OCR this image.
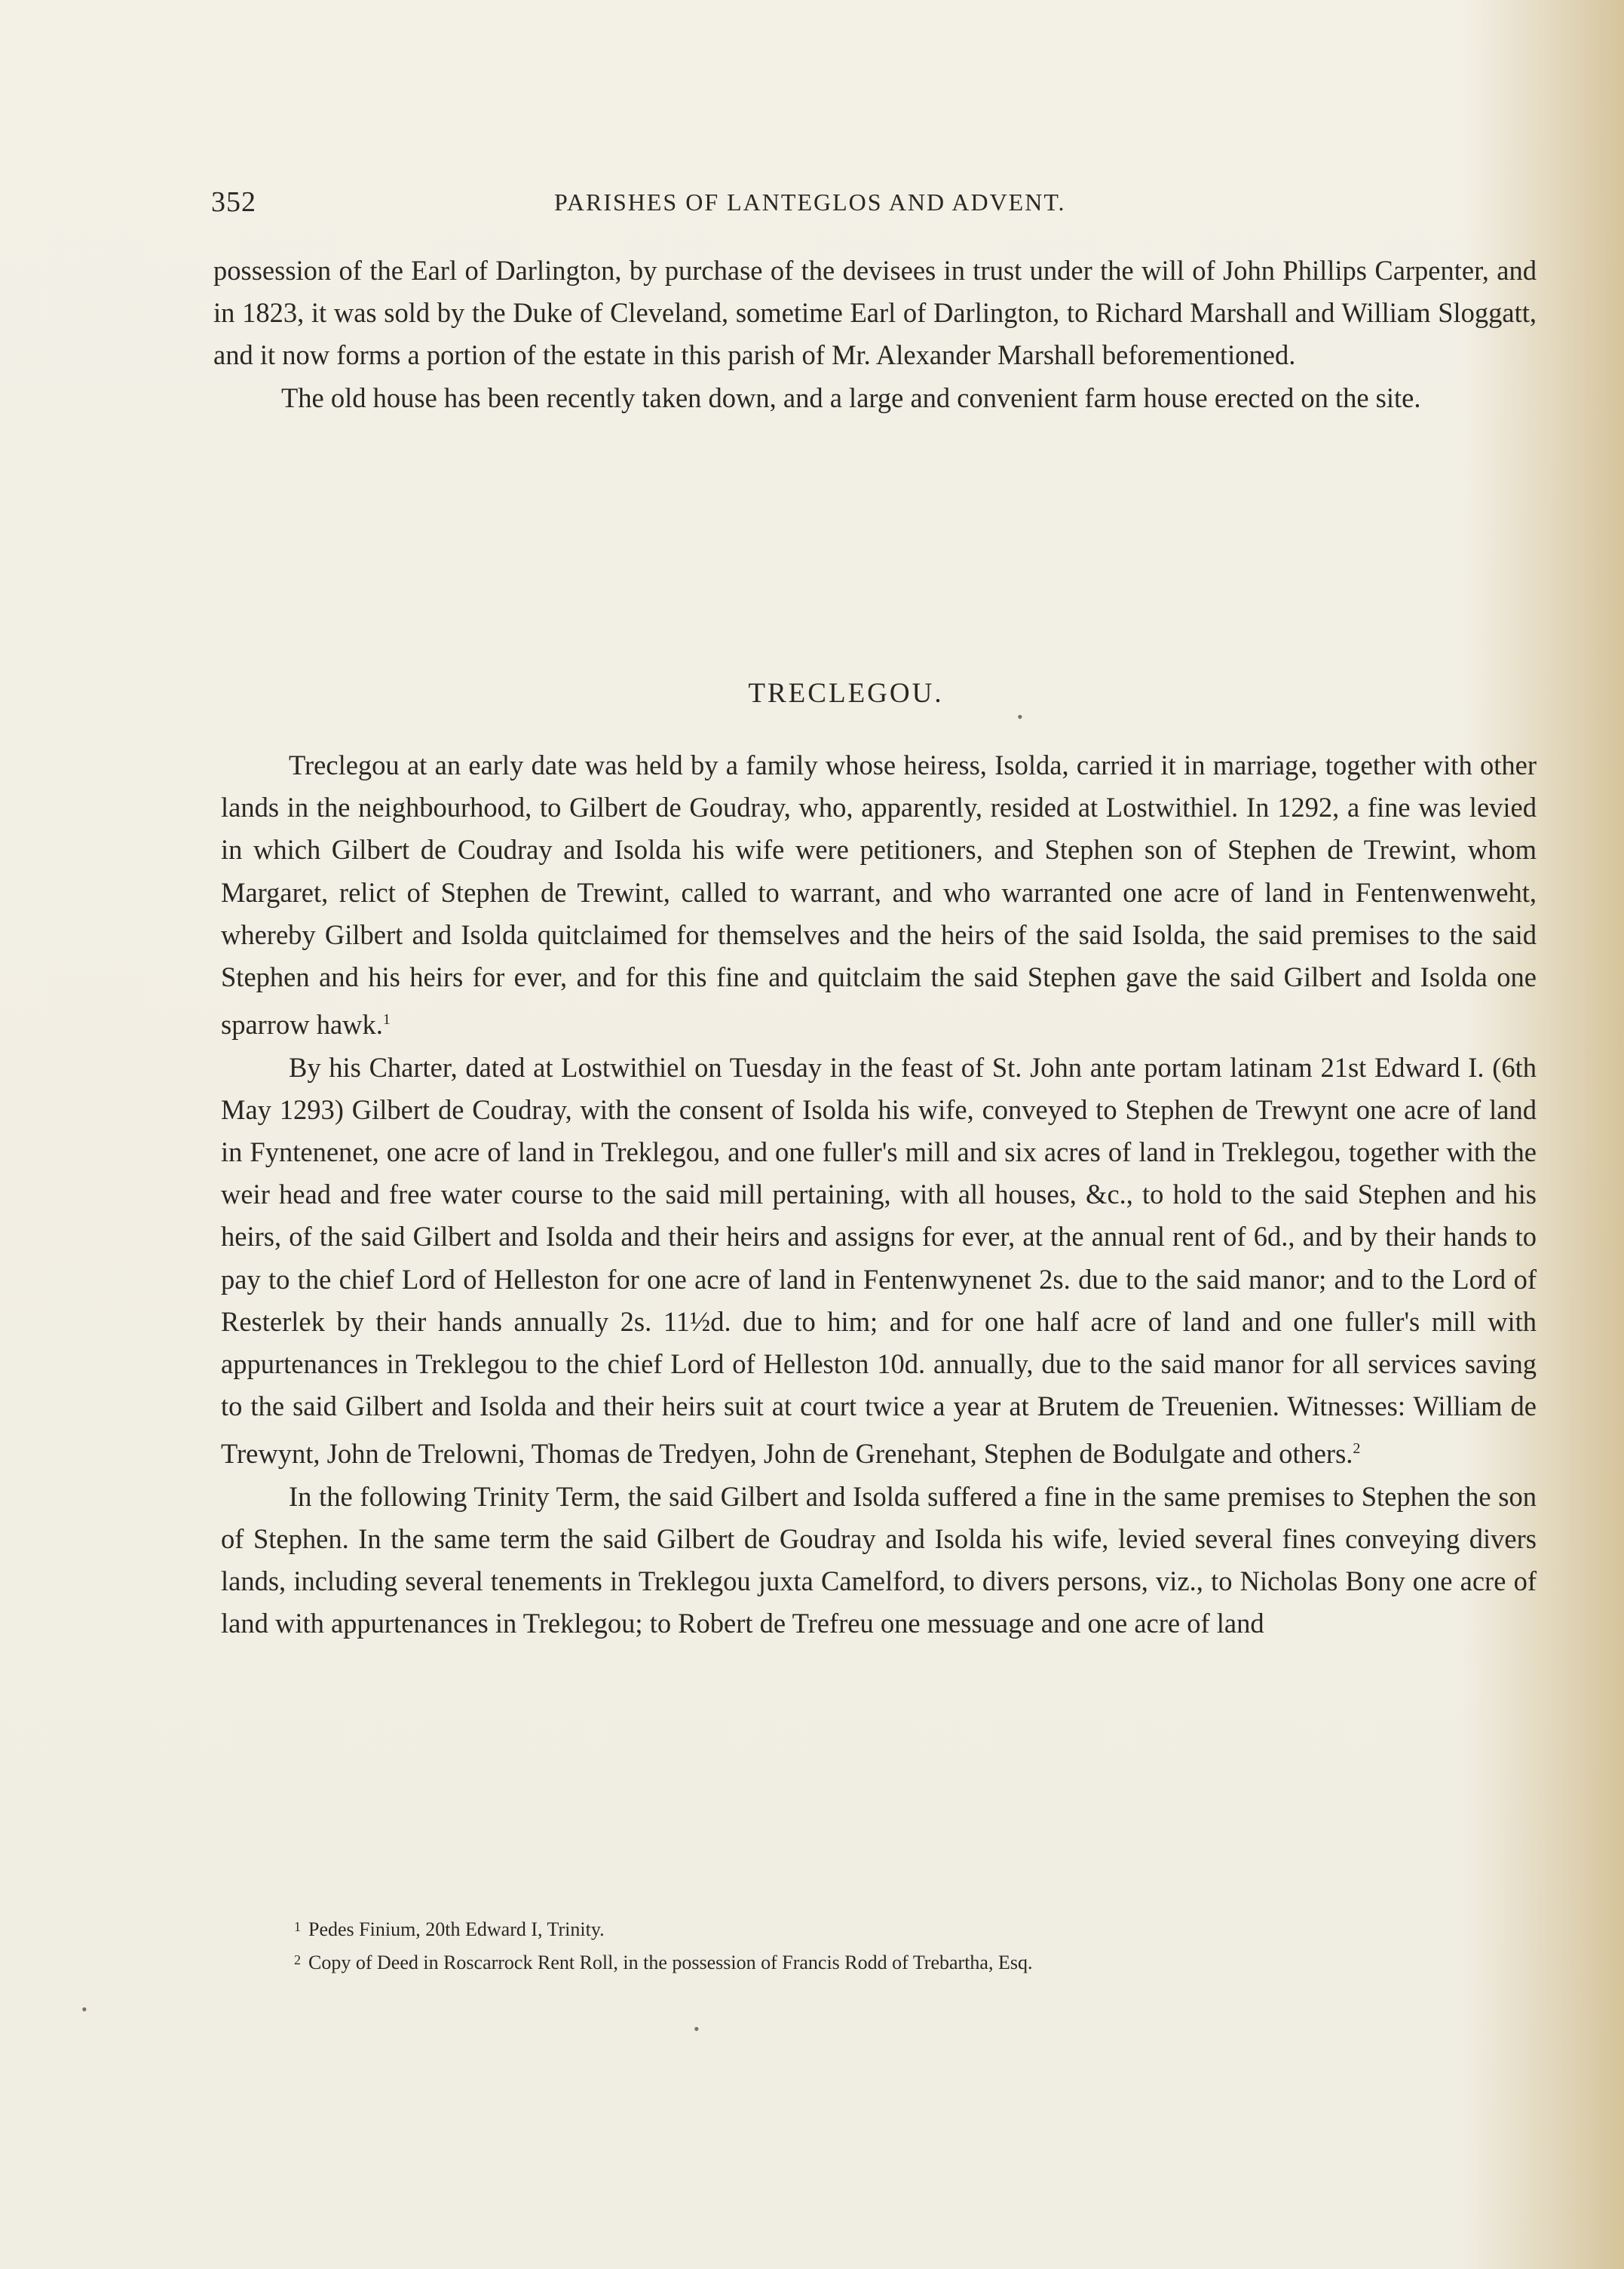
352	PARISHES OF LANTEGLOS AND ADVENT.

possession of the Earl of Darlington, by purchase of the devisees in trust under the will of John Phillips Carpenter, and in 1823, it was sold by the Duke of Cleveland, sometime Earl of Darlington, to Richard Marshall and William Sloggatt, and it now forms a portion of the estate in this parish of Mr. Alexander Marshall beforementioned.

The old house has been recently taken down, and a large and convenient farm house erected on the site.

TRECLEGOU.

Treclegou at an early date was held by a family whose heiress, Isolda, carried it in marriage, together with other lands in the neighbourhood, to Gilbert de Goudray, who, apparently, resided at Lostwithiel. In 1292, a fine was levied in which Gilbert de Coudray and Isolda his wife were petitioners, and Stephen son of Stephen de Trewint, whom Margaret, relict of Stephen de Trewint, called to warrant, and who warranted one acre of land in Fentenwenweht, whereby Gilbert and Isolda quitclaimed for themselves and the heirs of the said Isolda, the said premises to the said Stephen and his heirs for ever, and for this fine and quitclaim the said Stephen gave the said Gilbert and Isolda one sparrow hawk.$^1$

By his Charter, dated at Lostwithiel on Tuesday in the feast of St. John ante portam latinam 21st Edward I. (6th May 1293) Gilbert de Coudray, with the consent of Isolda his wife, conveyed to Stephen de Trewynt one acre of land in Fyntenenet, one acre of land in Treklegou, and one fuller's mill and six acres of land in Treklegou, together with the weir head and free water course to the said mill pertaining, with all houses, &c., to hold to the said Stephen and his heirs, of the said Gilbert and Isolda and their heirs and assigns for ever, at the annual rent of 6d., and by their hands to pay to the chief Lord of Helleston for one acre of land in Fentenwynenet 2s. due to the said manor; and to the Lord of Resterlek by their hands annually 2s. 11½d. due to him; and for one half acre of land and one fuller's mill with appurtenances in Treklegou to the chief Lord of Helleston 10d. annually, due to the said manor for all services saving to the said Gilbert and Isolda and their heirs suit at court twice a year at Brutem de Treuenien. Witnesses: William de Trewynt, John de Trelowni, Thomas de Tredyen, John de Grenehant, Stephen de Bodulgate and others.$^2$

In the following Trinity Term, the said Gilbert and Isolda suffered a fine in the same premises to Stephen the son of Stephen. In the same term the said Gilbert de Goudray and Isolda his wife, levied several fines conveying divers lands, including several tenements in Treklegou juxta Camelford, to divers persons, viz., to Nicholas Bony one acre of land with appurtenances in Treklegou; to Robert de Trefreu one messuage and one acre of land

$^1$ Pedes Finium, 20th Edward I, Trinity.
$^2$ Copy of Deed in Roscarrock Rent Roll, in the possession of Francis Rodd of Trebartha, Esq.
•
•
•
